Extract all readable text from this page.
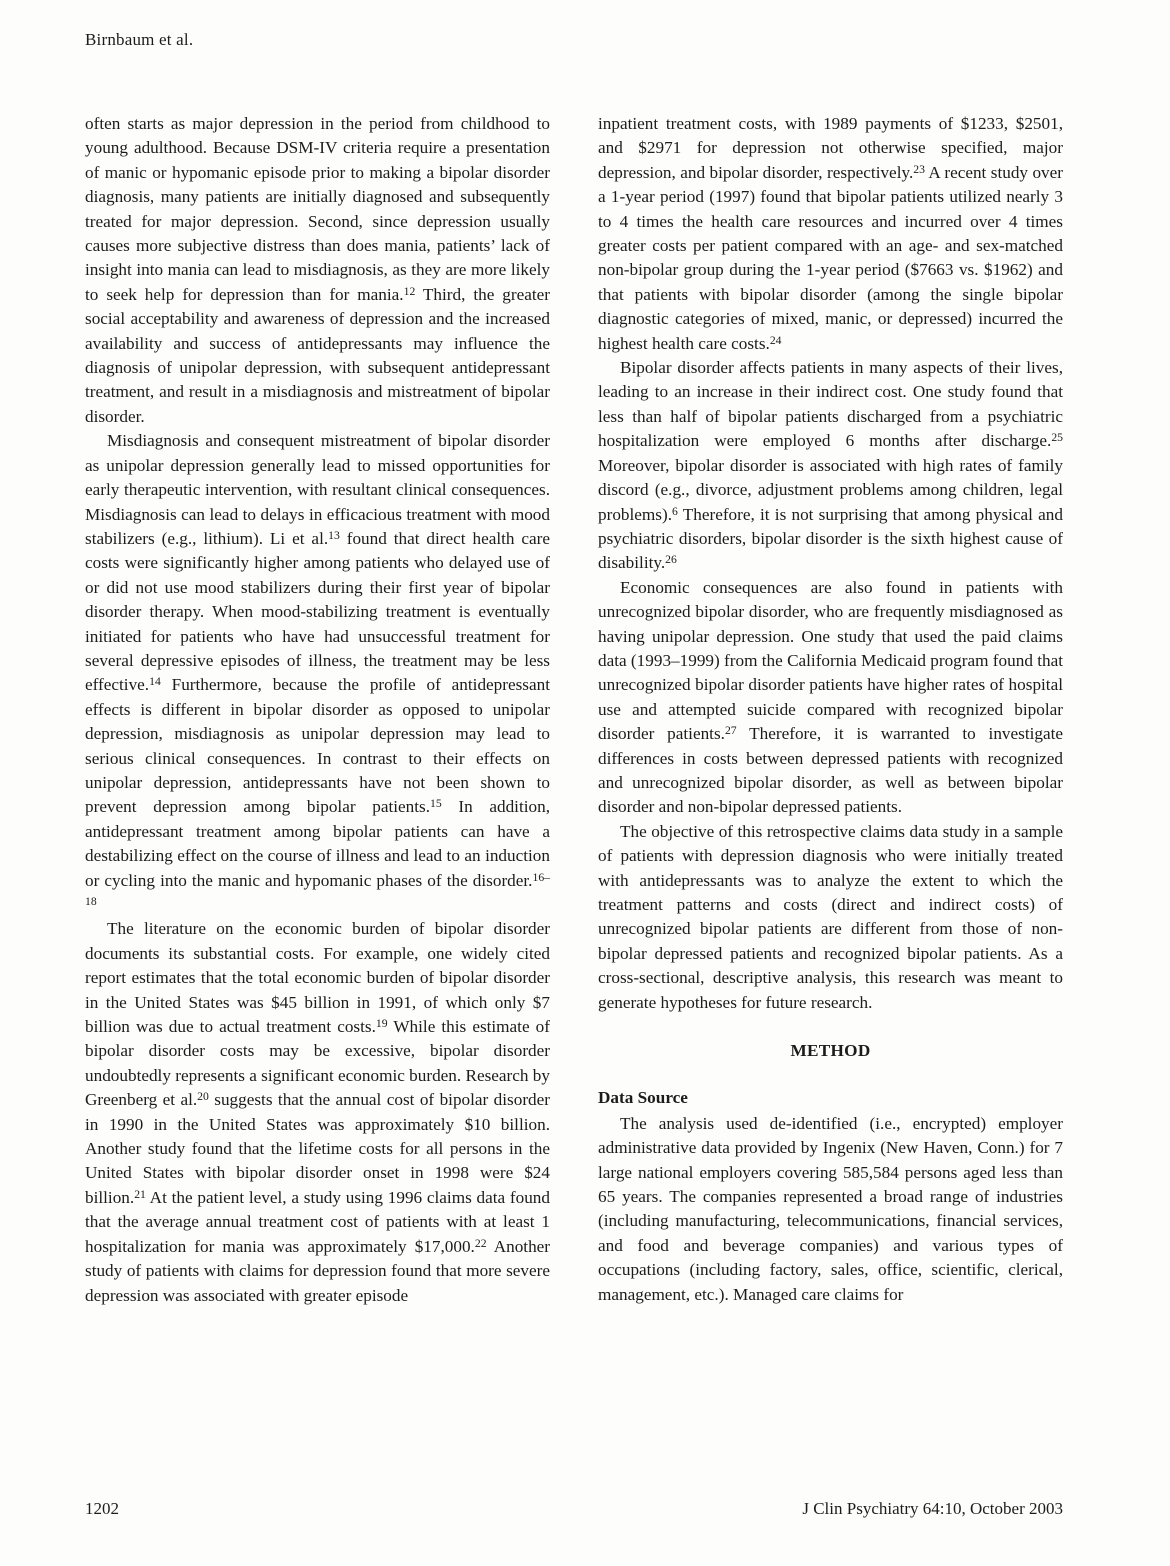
Birnbaum et al.

often starts as major depression in the period from childhood to young adulthood. Because DSM-IV criteria require a presentation of manic or hypomanic episode prior to making a bipolar disorder diagnosis, many patients are initially diagnosed and subsequently treated for major depression. Second, since depression usually causes more subjective distress than does mania, patients’ lack of insight into mania can lead to misdiagnosis, as they are more likely to seek help for depression than for mania.$^{12}$ Third, the greater social acceptability and awareness of depression and the increased availability and success of antidepressants may influence the diagnosis of unipolar depression, with subsequent antidepressant treatment, and result in a misdiagnosis and mistreatment of bipolar disorder.

Misdiagnosis and consequent mistreatment of bipolar disorder as unipolar depression generally lead to missed opportunities for early therapeutic intervention, with resultant clinical consequences. Misdiagnosis can lead to delays in efficacious treatment with mood stabilizers (e.g., lithium). Li et al.$^{13}$ found that direct health care costs were significantly higher among patients who delayed use of or did not use mood stabilizers during their first year of bipolar disorder therapy. When mood-stabilizing treatment is eventually initiated for patients who have had unsuccessful treatment for several depressive episodes of illness, the treatment may be less effective.$^{14}$ Furthermore, because the profile of antidepressant effects is different in bipolar disorder as opposed to unipolar depression, misdiagnosis as unipolar depression may lead to serious clinical consequences. In contrast to their effects on unipolar depression, antidepressants have not been shown to prevent depression among bipolar patients.$^{15}$ In addition, antidepressant treatment among bipolar patients can have a destabilizing effect on the course of illness and lead to an induction or cycling into the manic and hypomanic phases of the disorder.$^{16-18}$

The literature on the economic burden of bipolar disorder documents its substantial costs. For example, one widely cited report estimates that the total economic burden of bipolar disorder in the United States was $45 billion in 1991, of which only $7 billion was due to actual treatment costs.$^{19}$ While this estimate of bipolar disorder costs may be excessive, bipolar disorder undoubtedly represents a significant economic burden. Research by Greenberg et al.$^{20}$ suggests that the annual cost of bipolar disorder in 1990 in the United States was approximately $10 billion. Another study found that the lifetime costs for all persons in the United States with bipolar disorder onset in 1998 were $24 billion.$^{21}$ At the patient level, a study using 1996 claims data found that the average annual treatment cost of patients with at least 1 hospitalization for mania was approximately $17,000.22 Another study of patients with claims for depression found that more severe depression was associated with greater episode

inpatient treatment costs, with 1989 payments of $1233, $2501, and $2971 for depression not otherwise specified, major depression, and bipolar disorder, respectively.$^{23}$ A recent study over a 1-year period (1997) found that bipolar patients utilized nearly 3 to 4 times the health care resources and incurred over 4 times greater costs per patient compared with an age- and sex-matched non-bipolar group during the 1-year period ($7663 vs. $1962) and that patients with bipolar disorder (among the single bipolar diagnostic categories of mixed, manic, or depressed) incurred the highest health care costs.$^{24}$

Bipolar disorder affects patients in many aspects of their lives, leading to an increase in their indirect cost. One study found that less than half of bipolar patients discharged from a psychiatric hospitalization were employed 6 months after discharge.$^{25}$ Moreover, bipolar disorder is associated with high rates of family discord (e.g., divorce, adjustment problems among children, legal problems).$^6$ Therefore, it is not surprising that among physical and psychiatric disorders, bipolar disorder is the sixth highest cause of disability.$^{26}$

Economic consequences are also found in patients with unrecognized bipolar disorder, who are frequently misdiagnosed as having unipolar depression. One study that used the paid claims data (1993–1999) from the California Medicaid program found that unrecognized bipolar disorder patients have higher rates of hospital use and attempted suicide compared with recognized bipolar disorder patients.$^{27}$ Therefore, it is warranted to investigate differences in costs between depressed patients with recognized and unrecognized bipolar disorder, as well as between bipolar disorder and non-bipolar depressed patients.

The objective of this retrospective claims data study in a sample of patients with depression diagnosis who were initially treated with antidepressants was to analyze the extent to which the treatment patterns and costs (direct and indirect costs) of unrecognized bipolar patients are different from those of non-bipolar depressed patients and recognized bipolar patients. As a cross-sectional, descriptive analysis, this research was meant to generate hypotheses for future research.

METHOD
Data Source

The analysis used de-identified (i.e., encrypted) employer administrative data provided by Ingenix (New Haven, Conn.) for 7 large national employers covering 585,584 persons aged less than 65 years. The companies represented a broad range of industries (including manufacturing, telecommunications, financial services, and food and beverage companies) and various types of occupations (including factory, sales, office, scientific, clerical, management, etc.). Managed care claims for

1202	J Clin Psychiatry 64:10, October 2003
